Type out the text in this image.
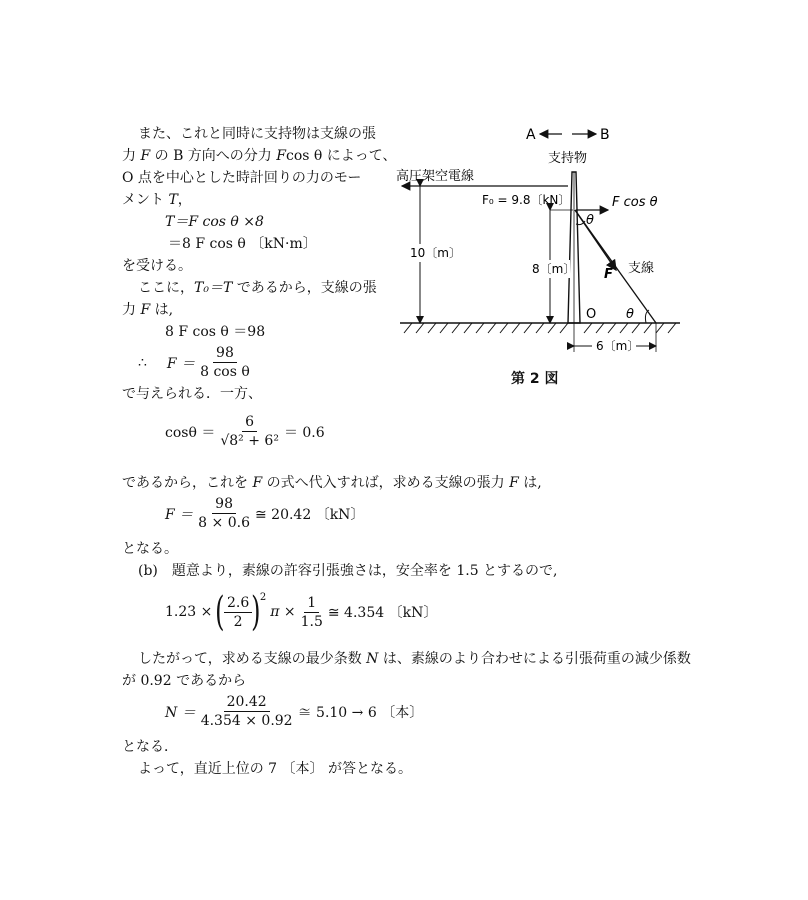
また、これと同時に支持物は支線の張
力 F の B 方向への分力 Fcos θ によって、
O 点を中心とした時計回りの力のモー
メント T，
T＝F cos θ ×8
＝8 F cos θ 〔kN·m〕
を受ける。
ここに，T₀＝T であるから，支線の張
力 F は,
8 F cos θ ＝98
∴ $F = \frac{98}{\text{8 cos θ}}$
で与えられる．一方、
$\cos\theta = \frac{6}{\text{√8² + 6²}} = 0.6$
であるから，これを F の式へ代入すれば，求める支線の張力 F は,
$F = \frac{98}{8 \times 0.6}$ ≅ 20.42 〔kN〕
となる。
(b)　題意より，素線の許容引張強さは，安全率を 1.5 とするので,
1.23 × ( $\frac{2.6}{2}$ ) 2
$\pi \times \frac{1}{1.5}$ ≅ 4.354 〔kN〕
したがって，求める支線の最少条数 N は、素線のより合わせによる引張荷重の減少係数
が 0.92 であるから
$N = \frac{20.42}{4.354 \times 0.92}$ ≅ 5.10 → 6 〔本〕
となる．
よって，直近上位の 7 〔本〕 が答となる。
A	B
支持物
高圧架空電線
F₀ = 9.8〔kN〕	F cos θ
F 支線
θ
θ
10〔m〕
8〔m〕
O
6〔m〕
第 2 図
